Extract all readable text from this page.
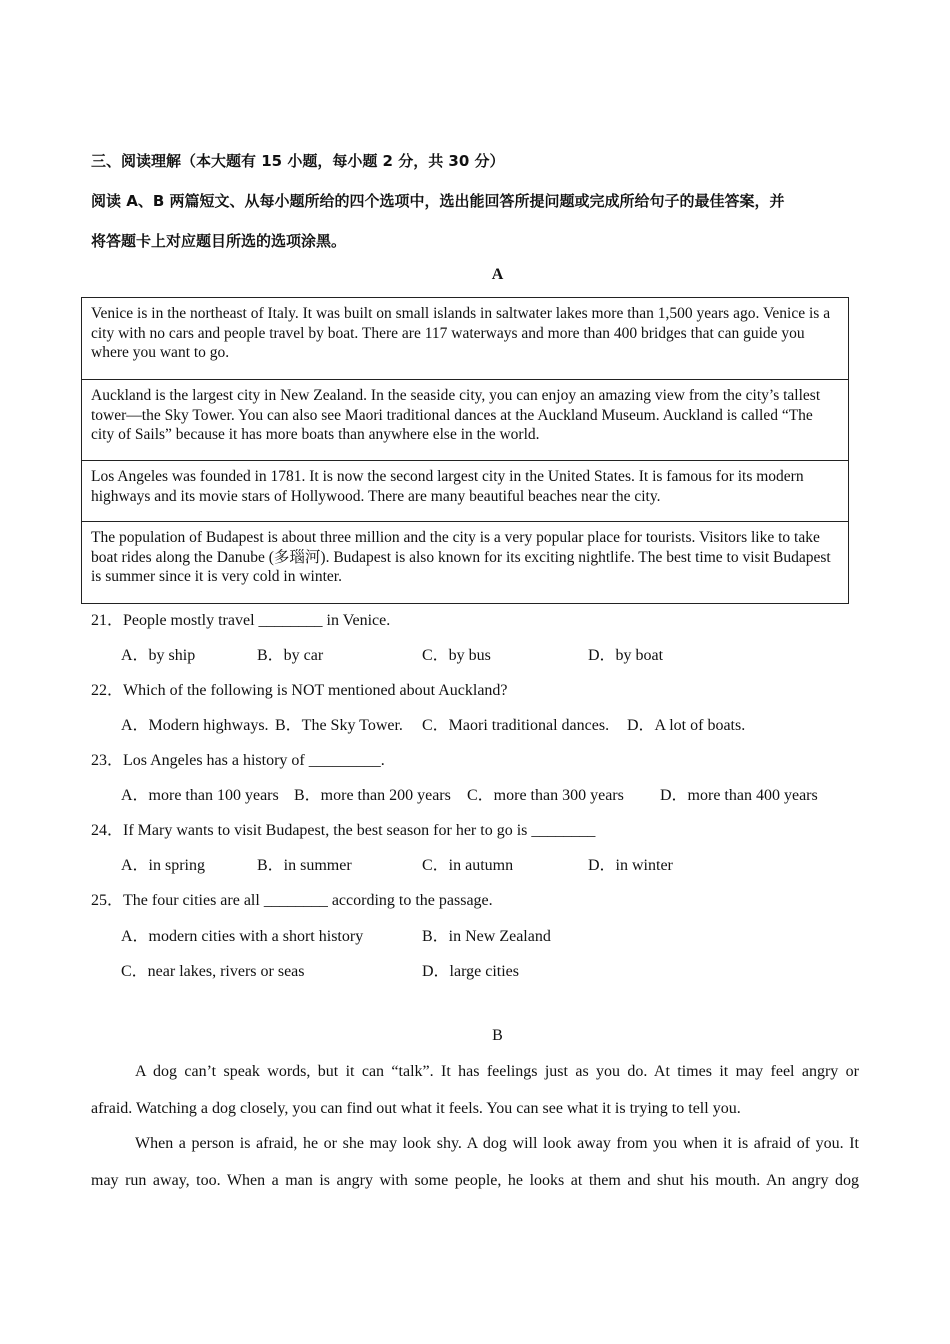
三、阅读理解（本大题有 15 小题，每小题 2 分，共 30 分）
阅读 A、B 两篇短文、从每小题所给的四个选项中，选出能回答所提问题或完成所给句子的最佳答案，并
将答题卡上对应题目所选的选项涂黑。
A
Venice is in the northeast of Italy. It was built on small islands in saltwater lakes more than 1,500 years ago. Venice is a city with no cars and people travel by boat. There are 117 waterways and more than 400 bridges that can guide you where you want to go.
Auckland is the largest city in New Zealand. In the seaside city, you can enjoy an amazing view from the city’s tallest tower—the Sky Tower. You can also see Maori traditional dances at the Auckland Museum. Auckland is called “The city of Sails” because it has more boats than anywhere else in the world.
Los Angeles was founded in 1781. It is now the second largest city in the United States. It is famous for its modern highways and its movie stars of Hollywood. There are many beautiful beaches near the city.
The population of Budapest is about three million and the city is a very popular place for tourists. Visitors like to take boat rides along the Danube (多瑙河). Budapest is also known for its exciting nightlife. The best time to visit Budapest is summer since it is very cold in winter.
21．People mostly travel ________ in Venice.
A．by ship	B．by car	C．by bus	D．by boat
22．Which of the following is NOT mentioned about Auckland?
A．Modern highways. B．The Sky Tower. C．Maori traditional dances. D．A lot of boats.
23．Los Angeles has a history of _________.
A．more than 100 years B．more than 200 years C．more than 300 years D．more than 400 years
24．If Mary wants to visit Budapest, the best season for her to go is ________
A．in spring	B．in summer	C．in autumn	D．in winter
25．The four cities are all ________ according to the passage.
A．modern cities with a short history	B．in New Zealand
C．near lakes, rivers or seas	D．large cities
B
A dog can’t speak words, but it can “talk”. It has feelings just as you do. At times it may feel angry or
afraid. Watching a dog closely, you can find out what it feels. You can see what it is trying to tell you.
When a person is afraid, he or she may look shy. A dog will look away from you when it is afraid of you. It
may run away, too. When a man is angry with some people, he looks at them and shut his mouth. An angry dog
